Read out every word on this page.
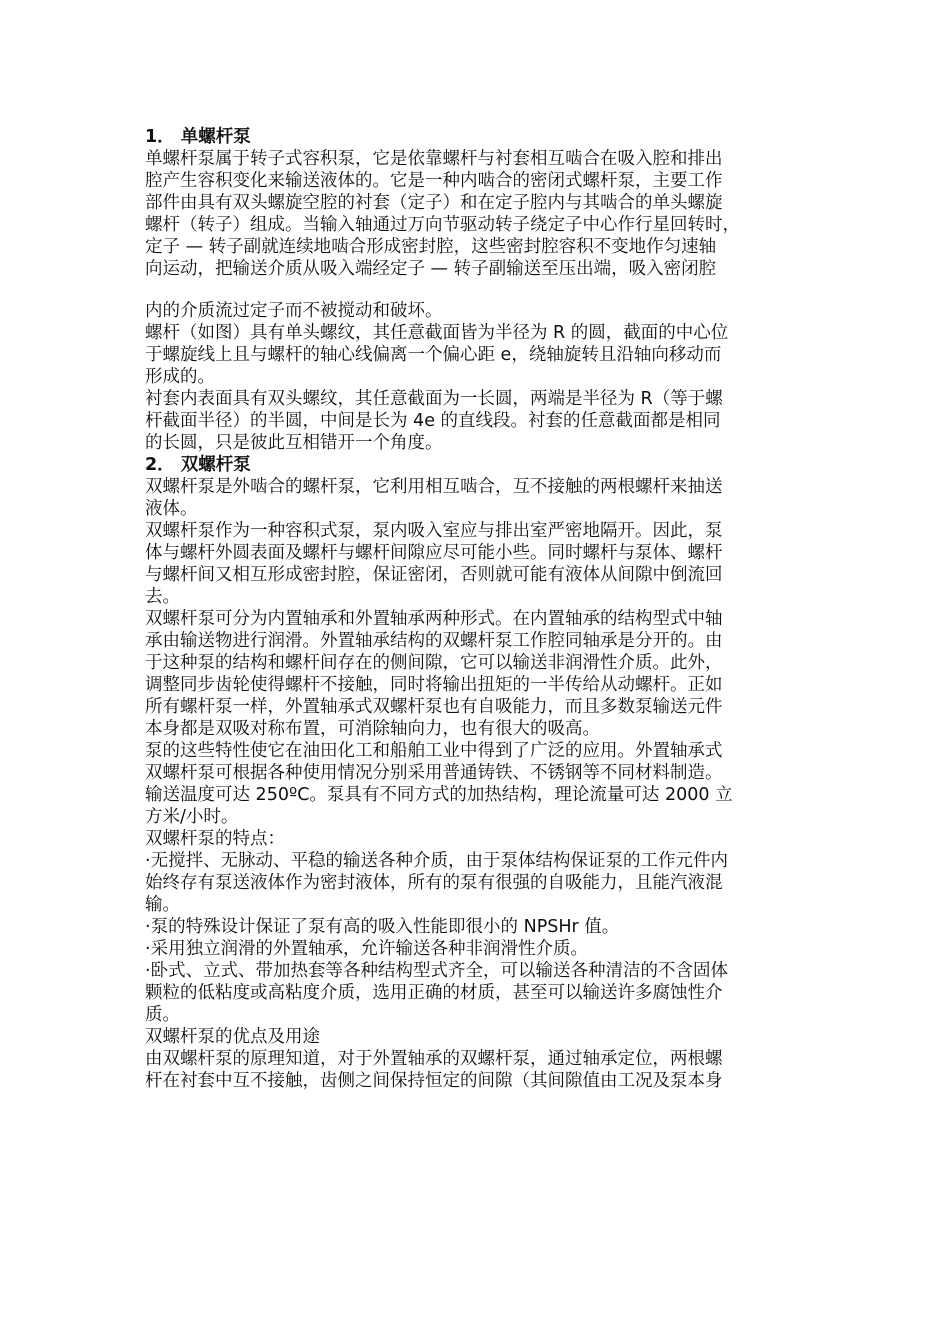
1． 单螺杆泵
单螺杆泵属于转子式容积泵，它是依靠螺杆与衬套相互啮合在吸入腔和排出
腔产生容积变化来输送液体的。它是一种内啮合的密闭式螺杆泵，主要工作
部件由具有双头螺旋空腔的衬套（定子）和在定子腔内与其啮合的单头螺旋
螺杆（转子）组成。当输入轴通过万向节驱动转子绕定子中心作行星回转时，
定子 — 转子副就连续地啮合形成密封腔，这些密封腔容积不变地作匀速轴
向运动，把输送介质从吸入端经定子 — 转子副输送至压出端，吸入密闭腔
内的介质流过定子而不被搅动和破坏。
螺杆（如图）具有单头螺纹，其任意截面皆为半径为 R 的圆，截面的中心位
于螺旋线上且与螺杆的轴心线偏离一个偏心距 e，绕轴旋转且沿轴向移动而
形成的。
衬套内表面具有双头螺纹，其任意截面为一长圆，两端是半径为 R（等于螺
杆截面半径）的半圆，中间是长为 4e 的直线段。衬套的任意截面都是相同
的长圆，只是彼此互相错开一个角度。
2． 双螺杆泵
双螺杆泵是外啮合的螺杆泵，它利用相互啮合，互不接触的两根螺杆来抽送
液体。
双螺杆泵作为一种容积式泵，泵内吸入室应与排出室严密地隔开。因此，泵
体与螺杆外圆表面及螺杆与螺杆间隙应尽可能小些。同时螺杆与泵体、螺杆
与螺杆间又相互形成密封腔，保证密闭，否则就可能有液体从间隙中倒流回
去。
双螺杆泵可分为内置轴承和外置轴承两种形式。在内置轴承的结构型式中轴
承由输送物进行润滑。外置轴承结构的双螺杆泵工作腔同轴承是分开的。由
于这种泵的结构和螺杆间存在的侧间隙，它可以输送非润滑性介质。此外，
调整同步齿轮使得螺杆不接触，同时将输出扭矩的一半传给从动螺杆。正如
所有螺杆泵一样，外置轴承式双螺杆泵也有自吸能力，而且多数泵输送元件
本身都是双吸对称布置，可消除轴向力，也有很大的吸高。
泵的这些特性使它在油田化工和船舶工业中得到了广泛的应用。外置轴承式
双螺杆泵可根据各种使用情况分别采用普通铸铁、不锈钢等不同材料制造。
输送温度可达 250ºC。泵具有不同方式的加热结构，理论流量可达 2000 立
方米/小时。
双螺杆泵的特点：
·无搅拌、无脉动、平稳的输送各种介质，由于泵体结构保证泵的工作元件内
始终存有泵送液体作为密封液体，所有的泵有很强的自吸能力，且能汽液混
输。
·泵的特殊设计保证了泵有高的吸入性能即很小的 NPSHr 值。
·采用独立润滑的外置轴承，允许输送各种非润滑性介质。
·卧式、立式、带加热套等各种结构型式齐全，可以输送各种清洁的不含固体
颗粒的低粘度或高粘度介质，选用正确的材质，甚至可以输送许多腐蚀性介
质。
双螺杆泵的优点及用途
由双螺杆泵的原理知道，对于外置轴承的双螺杆泵，通过轴承定位，两根螺
杆在衬套中互不接触，齿侧之间保持恒定的间隙（其间隙值由工况及泵本身
